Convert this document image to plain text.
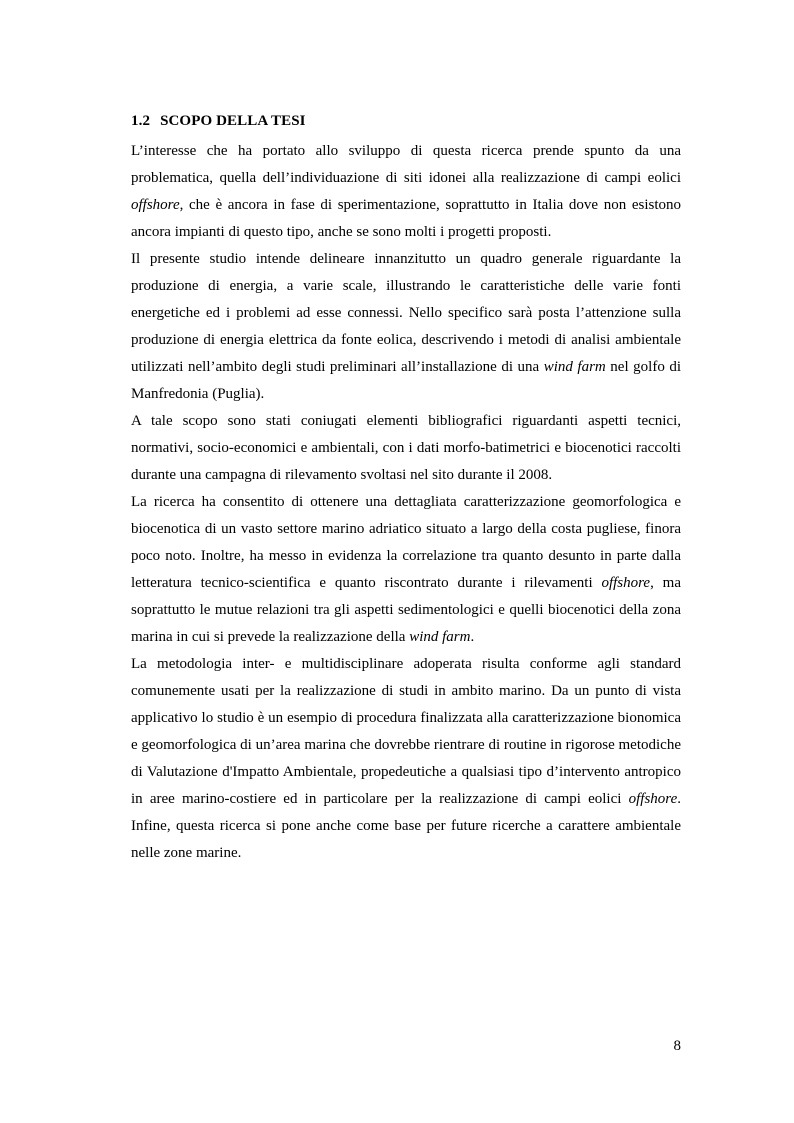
1.2 SCOPO DELLA TESI

L’interesse che ha portato allo sviluppo di questa ricerca prende spunto da una problematica, quella dell’individuazione di siti idonei alla realizzazione di campi eolici offshore, che è ancora in fase di sperimentazione, soprattutto in Italia dove non esistono ancora impianti di questo tipo, anche se sono molti i progetti proposti.

Il presente studio intende delineare innanzitutto un quadro generale riguardante la produzione di energia, a varie scale, illustrando le caratteristiche delle varie fonti energetiche ed i problemi ad esse connessi. Nello specifico sarà posta l’attenzione sulla produzione di energia elettrica da fonte eolica, descrivendo i metodi di analisi ambientale utilizzati nell’ambito degli studi preliminari all’installazione di una wind farm nel golfo di Manfredonia (Puglia).

A tale scopo sono stati coniugati elementi bibliografici riguardanti aspetti tecnici, normativi, socio-economici e ambientali, con i dati morfo-batimetrici e biocenotici raccolti durante una campagna di rilevamento svoltasi nel sito durante il 2008.

La ricerca ha consentito di ottenere una dettagliata caratterizzazione geomorfologica e biocenotica di un vasto settore marino adriatico situato a largo della costa pugliese, finora poco noto. Inoltre, ha messo in evidenza la correlazione tra quanto desunto in parte dalla letteratura tecnico-scientifica e quanto riscontrato durante i rilevamenti offshore, ma soprattutto le mutue relazioni tra gli aspetti sedimentologici e quelli biocenotici della zona marina in cui si prevede la realizzazione della wind farm.

La metodologia inter- e multidisciplinare adoperata risulta conforme agli standard comunemente usati per la realizzazione di studi in ambito marino. Da un punto di vista applicativo lo studio è un esempio di procedura finalizzata alla caratterizzazione bionomica e geomorfologica di un’area marina che dovrebbe rientrare di routine in rigorose metodiche di Valutazione d'Impatto Ambientale, propedeutiche a qualsiasi tipo d’intervento antropico in aree marino-costiere ed in particolare per la realizzazione di campi eolici offshore. Infine, questa ricerca si pone anche come base per future ricerche a carattere ambientale nelle zone marine.

8
